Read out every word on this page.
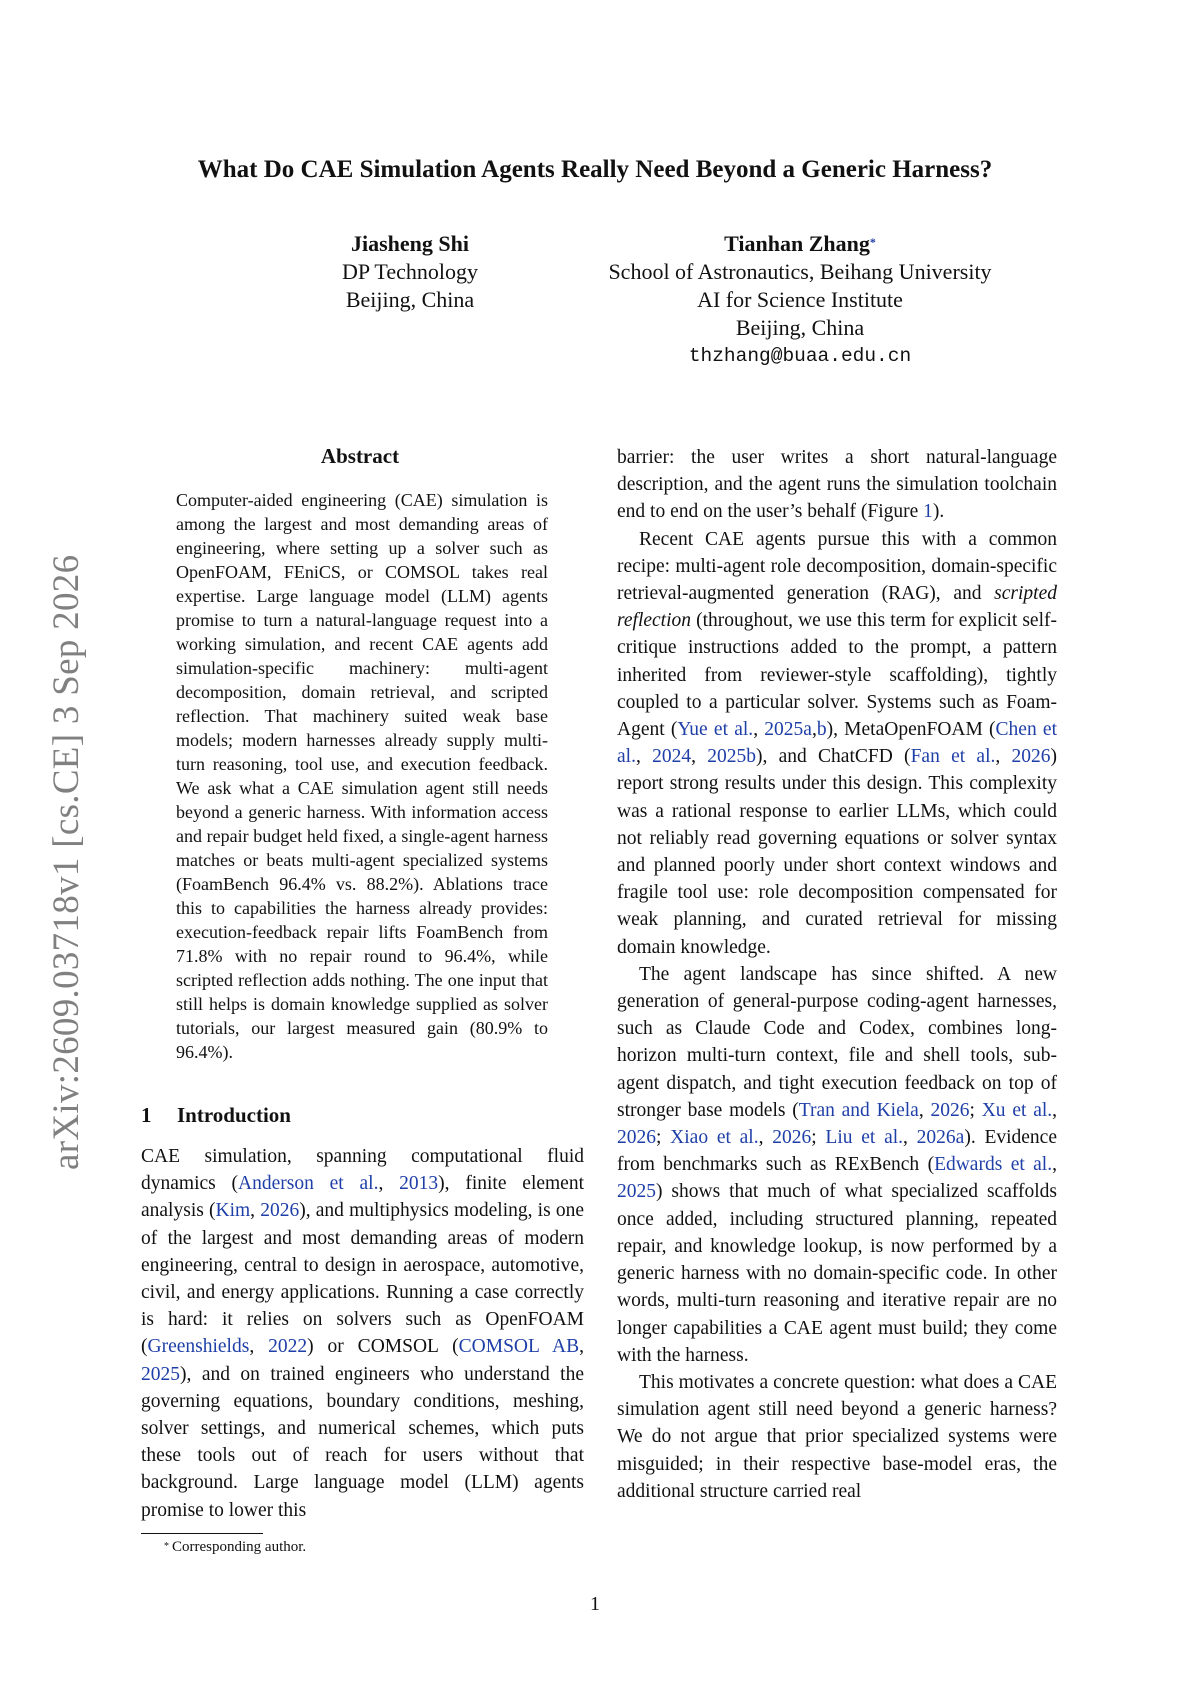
arXiv:2609.03718v1 [cs.CE] 3 Sep 2026
What Do CAE Simulation Agents Really Need Beyond a Generic Harness?
Jiasheng Shi
DP Technology
Beijing, China
Tianhan Zhang*
School of Astronautics, Beihang University
AI for Science Institute
Beijing, China
thzhang@buaa.edu.cn
Abstract
Computer-aided engineering (CAE) simulation is among the largest and most demanding areas of engineering, where setting up a solver such as OpenFOAM, FEniCS, or COMSOL takes real expertise. Large language model (LLM) agents promise to turn a natural-language request into a working simulation, and recent CAE agents add simulation-specific machinery: multi-agent decomposition, domain retrieval, and scripted reflection. That machinery suited weak base models; modern harnesses already supply multi-turn reasoning, tool use, and execution feedback. We ask what a CAE simulation agent still needs beyond a generic harness. With information access and repair budget held fixed, a single-agent harness matches or beats multi-agent specialized systems (FoamBench 96.4% vs. 88.2%). Ablations trace this to capabilities the harness already provides: execution-feedback repair lifts FoamBench from 71.8% with no repair round to 96.4%, while scripted reflection adds nothing. The one input that still helps is domain knowledge supplied as solver tutorials, our largest measured gain (80.9% to 96.4%).
1 Introduction
CAE simulation, spanning computational fluid dynamics (Anderson et al., 2013), finite element analysis (Kim, 2026), and multiphysics modeling, is one of the largest and most demanding areas of modern engineering, central to design in aerospace, automotive, civil, and energy applications. Running a case correctly is hard: it relies on solvers such as OpenFOAM (Greenshields, 2022) or COMSOL (COMSOL AB, 2025), and on trained engineers who understand the governing equations, boundary conditions, meshing, solver settings, and numerical schemes, which puts these tools out of reach for users without that background. Large language model (LLM) agents promise to lower this
* Corresponding author.

barrier: the user writes a short natural-language description, and the agent runs the simulation toolchain end to end on the user’s behalf (Figure 1).

Recent CAE agents pursue this with a common recipe: multi-agent role decomposition, domain-specific retrieval-augmented generation (RAG), and scripted reflection (throughout, we use this term for explicit self-critique instructions added to the prompt, a pattern inherited from reviewer-style scaffolding), tightly coupled to a particular solver. Systems such as Foam-Agent (Yue et al., 2025a,b), MetaOpenFOAM (Chen et al., 2024, 2025b), and ChatCFD (Fan et al., 2026) report strong results under this design. This complexity was a rational response to earlier LLMs, which could not reliably read governing equations or solver syntax and planned poorly under short context windows and fragile tool use: role decomposition compensated for weak planning, and curated retrieval for missing domain knowledge.

The agent landscape has since shifted. A new generation of general-purpose coding-agent harnesses, such as Claude Code and Codex, combines long-horizon multi-turn context, file and shell tools, sub-agent dispatch, and tight execution feedback on top of stronger base models (Tran and Kiela, 2026; Xu et al., 2026; Xiao et al., 2026; Liu et al., 2026a). Evidence from benchmarks such as RExBench (Edwards et al., 2025) shows that much of what specialized scaffolds once added, including structured planning, repeated repair, and knowledge lookup, is now performed by a generic harness with no domain-specific code. In other words, multi-turn reasoning and iterative repair are no longer capabilities a CAE agent must build; they come with the harness.

This motivates a concrete question: what does a CAE simulation agent still need beyond a generic harness? We do not argue that prior specialized systems were misguided; in their respective base-model eras, the additional structure carried real

1
